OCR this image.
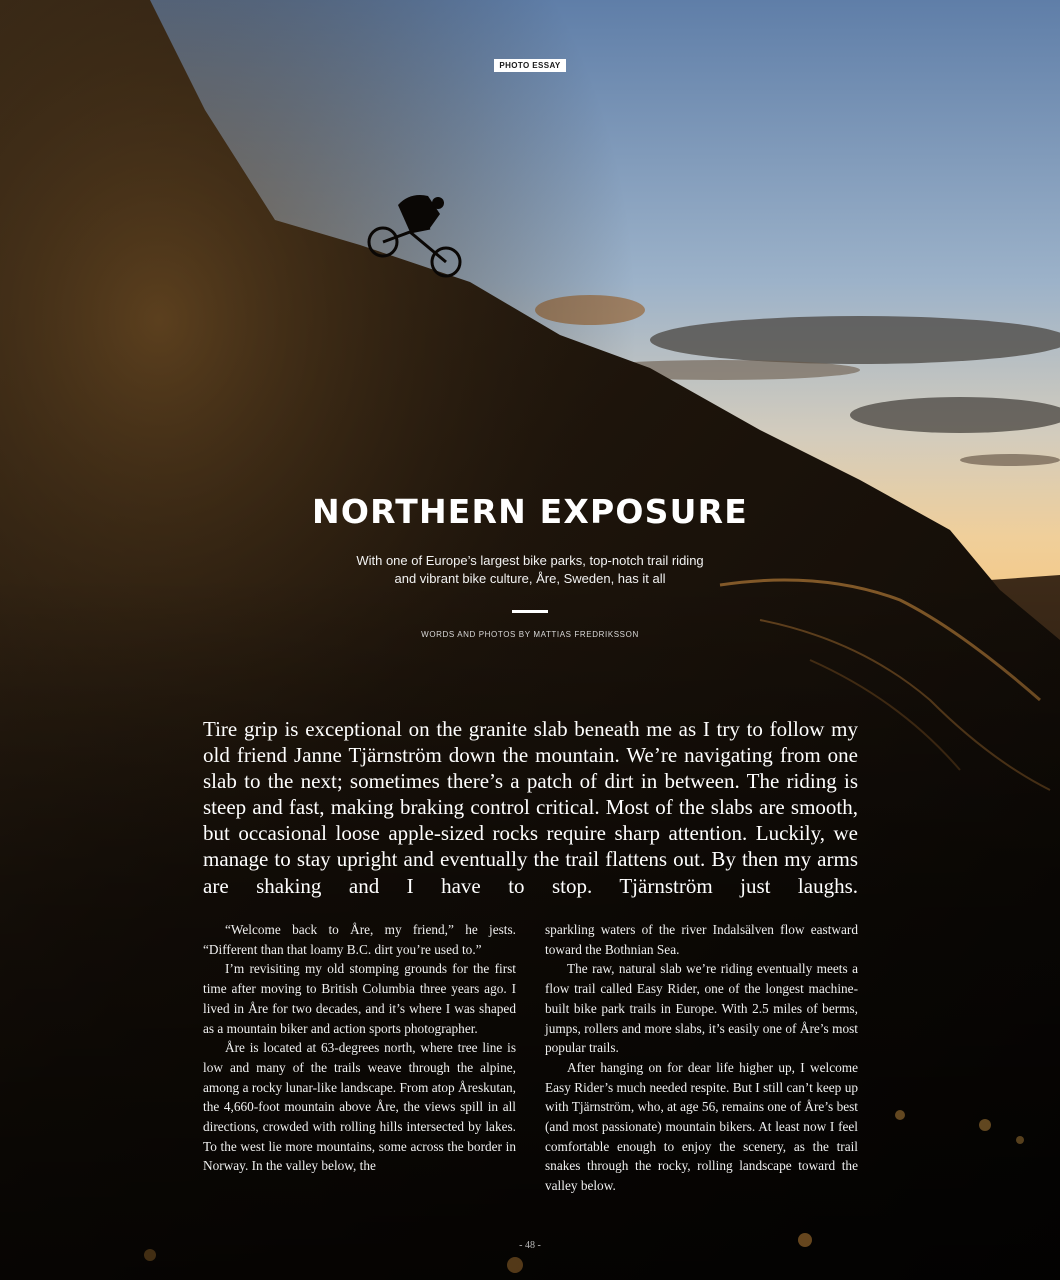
PHOTO ESSAY
NORTHERN EXPOSURE
With one of Europe’s largest bike parks, top-notch trail riding
and vibrant bike culture, Åre, Sweden, has it all
WORDS AND PHOTOS BY MATTIAS FREDRIKSSON

Tire grip is exceptional on the granite slab beneath me as I try to follow my old friend Janne Tjärnström down the mountain. We’re navigating from one slab to the next; sometimes there’s a patch of dirt in between. The riding is steep and fast, making braking control critical. Most of the slabs are smooth, but occasional loose apple-sized rocks require sharp attention. Luckily, we manage to stay upright and eventually the trail flattens out. By then my arms are shaking and I have to stop. Tjärnström just laughs.

“Welcome back to Åre, my friend,” he jests. “Different than that loamy B.C. dirt you’re used to.”

I’m revisiting my old stomping grounds for the first time after moving to British Columbia three years ago. I lived in Åre for two decades, and it’s where I was shaped as a mountain biker and action sports photographer.

Åre is located at 63-degrees north, where tree line is low and many of the trails weave through the alpine, among a rocky lunar-like landscape. From atop Åreskutan, the 4,660-foot mountain above Åre, the views spill in all directions, crowded with rolling hills intersected by lakes. To the west lie more mountains, some across the border in Norway. In the valley below, the

sparkling waters of the river Indalsälven flow eastward toward the Bothnian Sea.

The raw, natural slab we’re riding eventually meets a flow trail called Easy Rider, one of the longest machine-built bike park trails in Europe. With 2.5 miles of berms, jumps, rollers and more slabs, it’s easily one of Åre’s most popular trails.

After hanging on for dear life higher up, I welcome Easy Rider’s much needed respite. But I still can’t keep up with Tjärnström, who, at age 56, remains one of Åre’s best (and most passionate) mountain bikers. At least now I feel comfortable enough to enjoy the scenery, as the trail snakes through the rocky, rolling landscape toward the valley below.

- 48 -
